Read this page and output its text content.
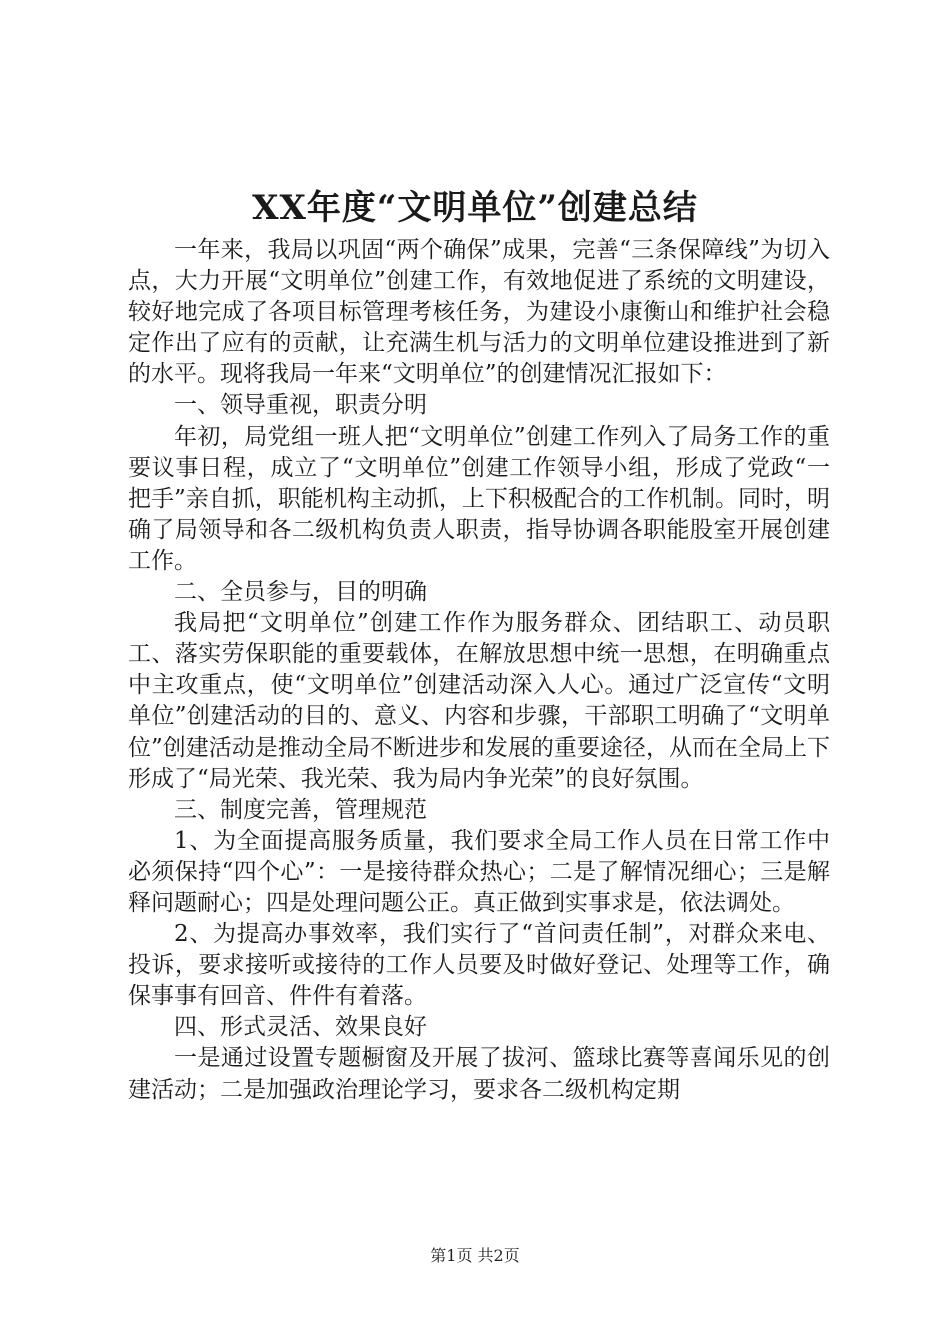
XX年度“文明单位”创建总结

一年来，我局以巩固“两个确保”成果，完善“三条保障线”为切入点，大力开展“文明单位”创建工作，有效地促进了系统的文明建设，较好地完成了各项目标管理考核任务，为建设小康衡山和维护社会稳定作出了应有的贡献，让充满生机与活力的文明单位建设推进到了新的水平。现将我局一年来“文明单位”的创建情况汇报如下：

一、领导重视，职责分明

年初，局党组一班人把“文明单位”创建工作列入了局务工作的重要议事日程，成立了“文明单位”创建工作领导小组，形成了党政“一把手”亲自抓，职能机构主动抓，上下积极配合的工作机制。同时，明确了局领导和各二级机构负责人职责，指导协调各职能股室开展创建工作。

二、全员参与，目的明确

我局把“文明单位”创建工作作为服务群众、团结职工、动员职工、落实劳保职能的重要载体，在解放思想中统一思想，在明确重点中主攻重点，使“文明单位”创建活动深入人心。通过广泛宣传“文明单位”创建活动的目的、意义、内容和步骤，干部职工明确了“文明单位”创建活动是推动全局不断进步和发展的重要途径，从而在全局上下形成了“局光荣、我光荣、我为局内争光荣”的良好氛围。

三、制度完善，管理规范

1、为全面提高服务质量，我们要求全局工作人员在日常工作中必须保持“四个心”：一是接待群众热心；二是了解情况细心；三是解释问题耐心；四是处理问题公正。真正做到实事求是，依法调处。

2、为提高办事效率，我们实行了“首问责任制”，对群众来电、投诉，要求接听或接待的工作人员要及时做好登记、处理等工作，确保事事有回音、件件有着落。

四、形式灵活、效果良好

一是通过设置专题橱窗及开展了拔河、篮球比赛等喜闻乐见的创建活动；二是加强政治理论学习，要求各二级机构定期

第1页 共2页
